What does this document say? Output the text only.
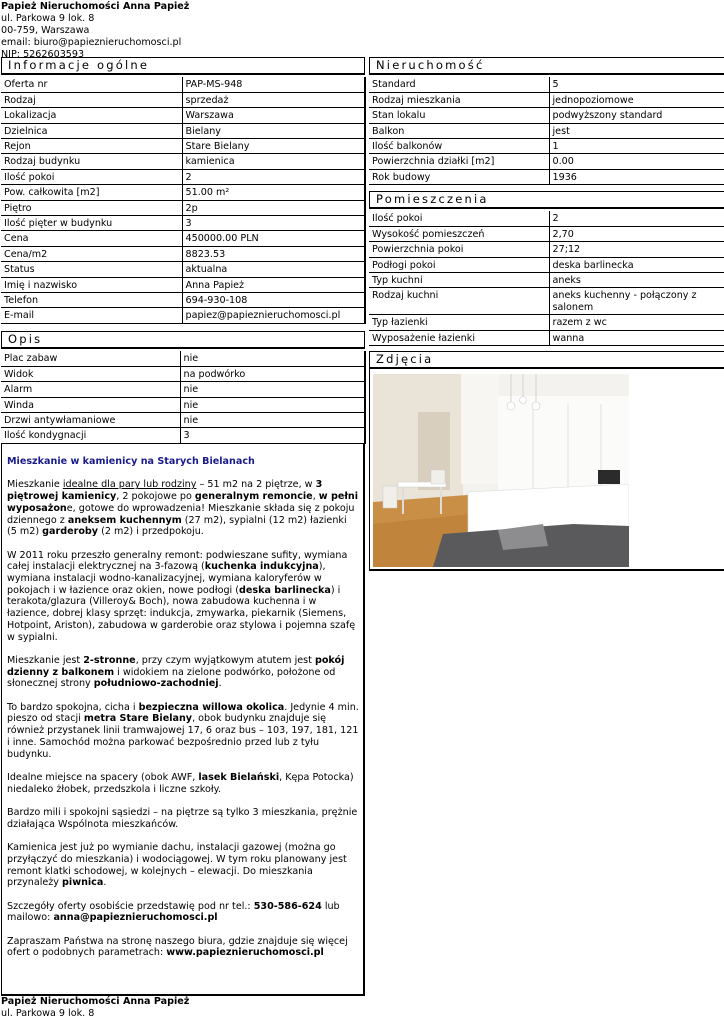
Papież Nieruchomości Anna Papież
ul. Parkowa 9 lok. 8
00-759, Warszawa
email: biuro@papieznieruchomosci.pl
NIP: 5262603593
Informacje ogólne
Oferta nr	PAP-MS-948
Rodzaj	sprzedaż
Lokalizacja	Warszawa
Dzielnica	Bielany
Rejon	Stare Bielany
Rodzaj budynku	kamienica
Ilość pokoi	2
Pow. całkowita [m2]	51.00 m²
Piętro	2p
Ilość pięter w budynku	3
Cena	450000.00 PLN
Cena/m2	8823.53
Status	aktualna
Imię i nazwisko	Anna Papież
Telefon	694-930-108
E-mail	papiez@papieznieruchomosci.pl
Opis
Plac zabaw	nie
Widok	na podwórko
Alarm	nie
Winda	nie
Drzwi antywłamaniowe	nie
Ilość kondygnacji	3

Mieszkanie w kamienicy na Starych Bielanach

Mieszkanie idealne dla pary lub rodziny – 51 m2 na 2 piętrze, w 3 piętrowej kamienicy, 2 pokojowe po generalnym remoncie, w pełni wyposażone, gotowe do wprowadzenia! Mieszkanie składa się z pokoju dziennego z aneksem kuchennym (27 m2), sypialni (12 m2) łazienki (5 m2) garderoby (2 m2) i przedpokoju.

W 2011 roku przeszło generalny remont: podwieszane sufity, wymiana całej instalacji elektrycznej na 3-fazową (kuchenka indukcyjna), wymiana instalacji wodno-kanalizacyjnej, wymiana kaloryferów w pokojach i w łazience oraz okien, nowe podłogi (deska barlinecka) i terakota/glazura (Villeroy& Boch), nowa zabudowa kuchenna i w łazience, dobrej klasy sprzęt: indukcja, zmywarka, piekarnik (Siemens, Hotpoint, Ariston), zabudowa w garderobie oraz stylowa i pojemna szafę w sypialni.

Mieszkanie jest 2-stronne, przy czym wyjątkowym atutem jest pokój dzienny z balkonem i widokiem na zielone podwórko, położone od słonecznej strony południowo-zachodniej.

To bardzo spokojna, cicha i bezpieczna willowa okolica. Jedynie 4 min. pieszo od stacji metra Stare Bielany, obok budynku znajduje się również przystanek linii tramwajowej 17, 6 oraz bus – 103, 197, 181, 121 i inne. Samochód można parkować bezpośrednio przed lub z tyłu budynku.

Idealne miejsce na spacery (obok AWF, lasek Bielański, Kępa Potocka) niedaleko żłobek, przedszkola i liczne szkoły.

Bardzo mili i spokojni sąsiedzi – na piętrze są tylko 3 mieszkania, prężnie działająca Wspólnota mieszkańców.

Kamienica jest już po wymianie dachu, instalacji gazowej (można go przyłączyć do mieszkania) i wodociągowej. W tym roku planowany jest remont klatki schodowej, w kolejnych – elewacji. Do mieszkania przynależy piwnica.

Szczegóły oferty osobiście przedstawię pod nr tel.: 530-586-624 lub mailowo: anna@papieznieruchomosci.pl

Zapraszam Państwa na stronę naszego biura, gdzie znajduje się więcej ofert o podobnych parametrach: www.papieznieruchomosci.pl

Nieruchomość
Standard	5
Rodzaj mieszkania	jednopoziomowe
Stan lokalu	podwyższony standard
Balkon	jest
Ilość balkonów	1
Powierzchnia działki [m2]	0.00
Rok budowy	1936
Pomieszczenia
Ilość pokoi	2
Wysokość pomieszczeń	2,70
Powierzchnia pokoi	27;12
Podłogi pokoi	deska barlinecka
Typ kuchni	aneks
Rodzaj kuchni	aneks kuchenny - połączony z salonem
Typ łazienki	razem z wc
Wyposażenie łazienki	wanna
Zdjęcia
Papież Nieruchomości Anna Papież
ul. Parkowa 9 lok. 8
